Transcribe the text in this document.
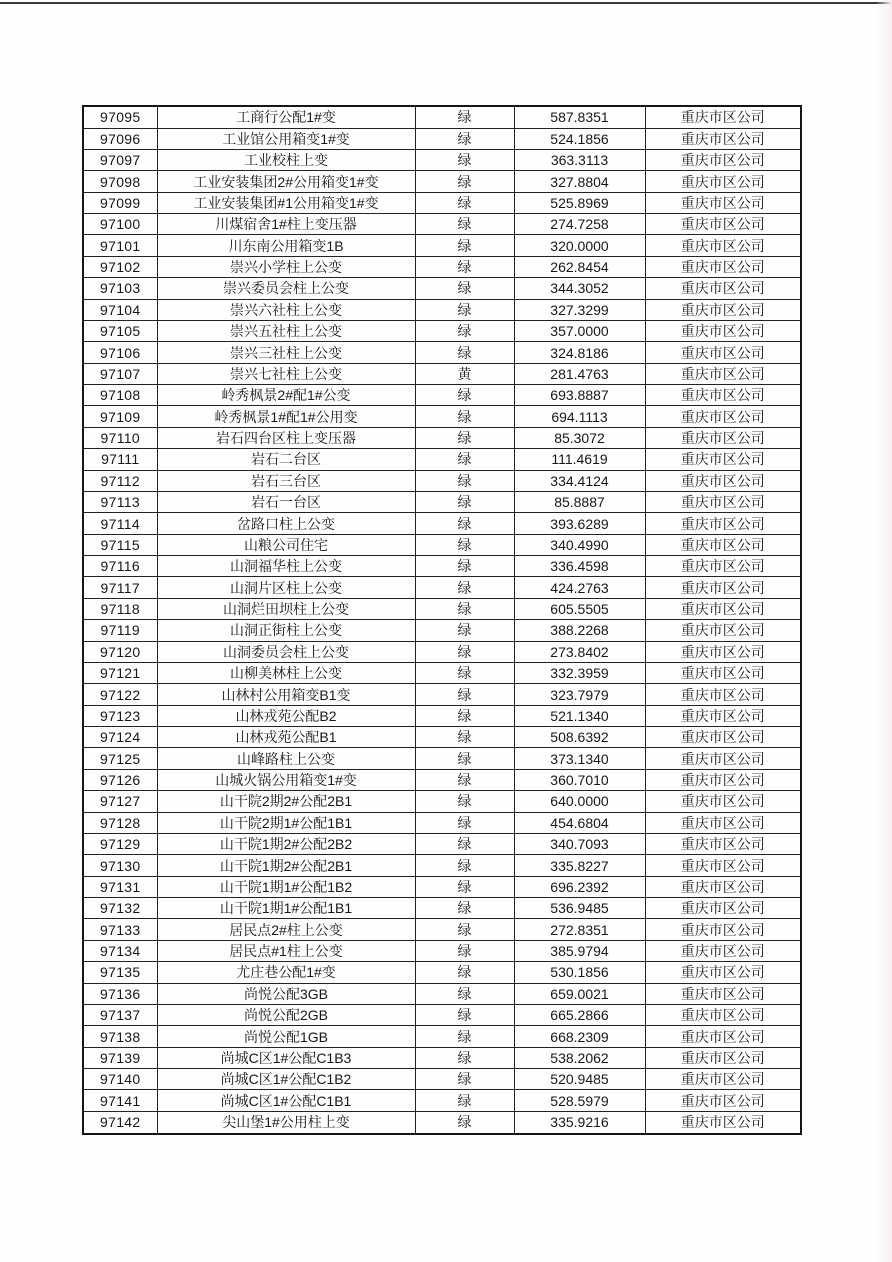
97095	工商行公配1#变	绿	587.8351	重庆市区公司
97096	工业馆公用箱变1#变	绿	524.1856	重庆市区公司
97097	工业校柱上变	绿	363.3113	重庆市区公司
97098	工业安装集团2#公用箱变1#变	绿	327.8804	重庆市区公司
97099	工业安装集团#1公用箱变1#变	绿	525.8969	重庆市区公司
97100	川煤宿舍1#柱上变压器	绿	274.7258	重庆市区公司
97101	川东南公用箱变1B	绿	320.0000	重庆市区公司
97102	崇兴小学柱上公变	绿	262.8454	重庆市区公司
97103	崇兴委员会柱上公变	绿	344.3052	重庆市区公司
97104	崇兴六社柱上公变	绿	327.3299	重庆市区公司
97105	崇兴五社柱上公变	绿	357.0000	重庆市区公司
97106	崇兴三社柱上公变	绿	324.8186	重庆市区公司
97107	崇兴七社柱上公变	黄	281.4763	重庆市区公司
97108	岭秀枫景2#配1#公变	绿	693.8887	重庆市区公司
97109	岭秀枫景1#配1#公用变	绿	694.1113	重庆市区公司
97110	岩石四台区柱上变压器	绿	85.3072	重庆市区公司
97111	岩石二台区	绿	111.4619	重庆市区公司
97112	岩石三台区	绿	334.4124	重庆市区公司
97113	岩石一台区	绿	85.8887	重庆市区公司
97114	岔路口柱上公变	绿	393.6289	重庆市区公司
97115	山粮公司住宅	绿	340.4990	重庆市区公司
97116	山洞福华柱上公变	绿	336.4598	重庆市区公司
97117	山洞片区柱上公变	绿	424.2763	重庆市区公司
97118	山洞烂田坝柱上公变	绿	605.5505	重庆市区公司
97119	山洞正街柱上公变	绿	388.2268	重庆市区公司
97120	山洞委员会柱上公变	绿	273.8402	重庆市区公司
97121	山柳美林柱上公变	绿	332.3959	重庆市区公司
97122	山林村公用箱变B1变	绿	323.7979	重庆市区公司
97123	山林戎苑公配B2	绿	521.1340	重庆市区公司
97124	山林戎苑公配B1	绿	508.6392	重庆市区公司
97125	山峰路柱上公变	绿	373.1340	重庆市区公司
97126	山城火锅公用箱变1#变	绿	360.7010	重庆市区公司
97127	山干院2期2#公配2B1	绿	640.0000	重庆市区公司
97128	山干院2期1#公配1B1	绿	454.6804	重庆市区公司
97129	山干院1期2#公配2B2	绿	340.7093	重庆市区公司
97130	山干院1期2#公配2B1	绿	335.8227	重庆市区公司
97131	山干院1期1#公配1B2	绿	696.2392	重庆市区公司
97132	山干院1期1#公配1B1	绿	536.9485	重庆市区公司
97133	居民点2#柱上公变	绿	272.8351	重庆市区公司
97134	居民点#1柱上公变	绿	385.9794	重庆市区公司
97135	尤庄巷公配1#变	绿	530.1856	重庆市区公司
97136	尚悦公配3GB	绿	659.0021	重庆市区公司
97137	尚悦公配2GB	绿	665.2866	重庆市区公司
97138	尚悦公配1GB	绿	668.2309	重庆市区公司
97139	尚城C区1#公配C1B3	绿	538.2062	重庆市区公司
97140	尚城C区1#公配C1B2	绿	520.9485	重庆市区公司
97141	尚城C区1#公配C1B1	绿	528.5979	重庆市区公司
97142	尖山堡1#公用柱上变	绿	335.9216	重庆市区公司
